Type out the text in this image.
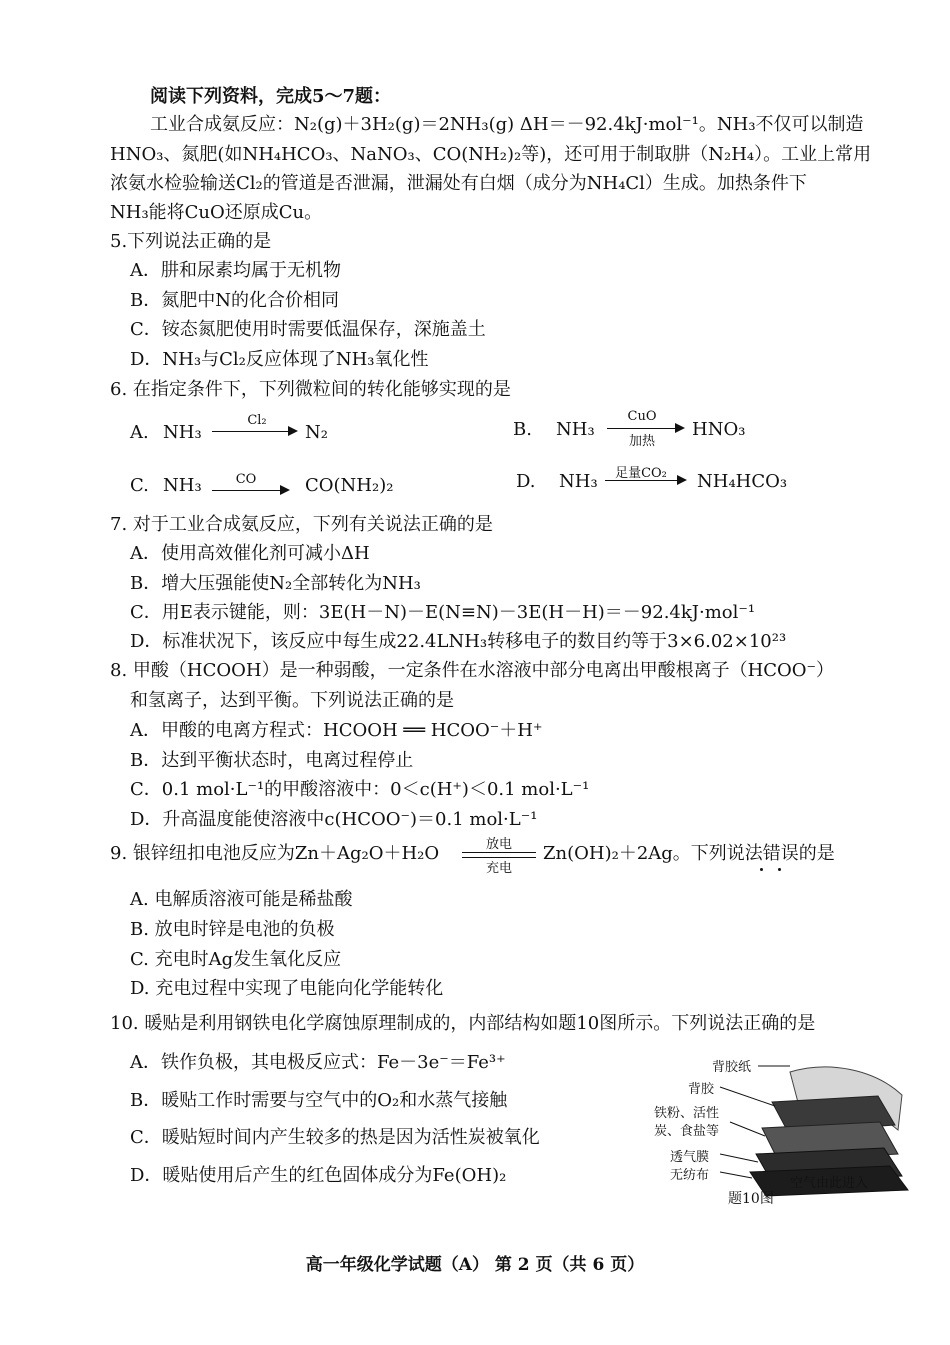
阅读下列资料，完成5～7题：
工业合成氨反应：N₂(g)＋3H₂(g)＝2NH₃(g) ΔH＝－92.4kJ·mol⁻¹。NH₃不仅可以制造
HNO₃、氮肥(如NH₄HCO₃、NaNO₃、CO(NH₂)₂等)，还可用于制取肼（N₂H₄）。工业上常用
浓氨水检验输送Cl₂的管道是否泄漏，泄漏处有白烟（成分为NH₄Cl）生成。加热条件下
NH₃能将CuO还原成Cu。
5.下列说法正确的是
A．肼和尿素均属于无机物
B．氮肥中N的化合价相同
C．铵态氮肥使用时需要低温保存，深施盖土
D．NH₃与Cl₂反应体现了NH₃氧化性
6. 在指定条件下，下列微粒间的转化能够实现的是
A. NH₃
Cl₂
N₂	B. NH₃
CuO
加热
HNO₃
C. NH₃	CO	CO(NH₂)₂	D. NH₃	足量CO₂	NH₄HCO₃
7. 对于工业合成氨反应，下列有关说法正确的是
A．使用高效催化剂可减小ΔH
B．增大压强能使N₂全部转化为NH₃
C．用E表示键能，则：3E(H－N)－E(N≡N)－3E(H－H)＝－92.4kJ·mol⁻¹
D．标准状况下，该反应中每生成22.4LNH₃转移电子的数目约等于3×6.02×10²³
8. 甲酸（HCOOH）是一种弱酸，一定条件在水溶液中部分电离出甲酸根离子（HCOO⁻）
和氢离子，达到平衡。下列说法正确的是
A．甲酸的电离方程式：HCOOH ══ HCOO⁻＋H⁺
B．达到平衡状态时，电离过程停止
C．0.1 mol·L⁻¹的甲酸溶液中：0＜c(H⁺)＜0.1 mol·L⁻¹
D．升高温度能使溶液中c(HCOO⁻)＝0.1 mol·L⁻¹
9. 银锌纽扣电池反应为Zn＋Ag₂O＋H₂O	放电
充电
Zn(OH)₂＋2Ag。下列说法错误的是
A. 电解质溶液可能是稀盐酸
B. 放电时锌是电池的负极
C. 充电时Ag发生氧化反应
D. 充电过程中实现了电能向化学能转化
10. 暖贴是利用钢铁电化学腐蚀原理制成的，内部结构如题10图所示。下列说法正确的是
A．铁作负极，其电极反应式：Fe－3e⁻＝Fe³⁺
B．暖贴工作时需要与空气中的O₂和水蒸气接触
C．暖贴短时间内产生较多的热是因为活性炭被氧化
D．暖贴使用后产生的红色固体成分为Fe(OH)₂
背胶纸
背胶
铁粉、活性
炭、食盐等
透气膜
无纺布
空气由此进入
题10图
高一年级化学试题（A） 第 2 页（共 6 页）
